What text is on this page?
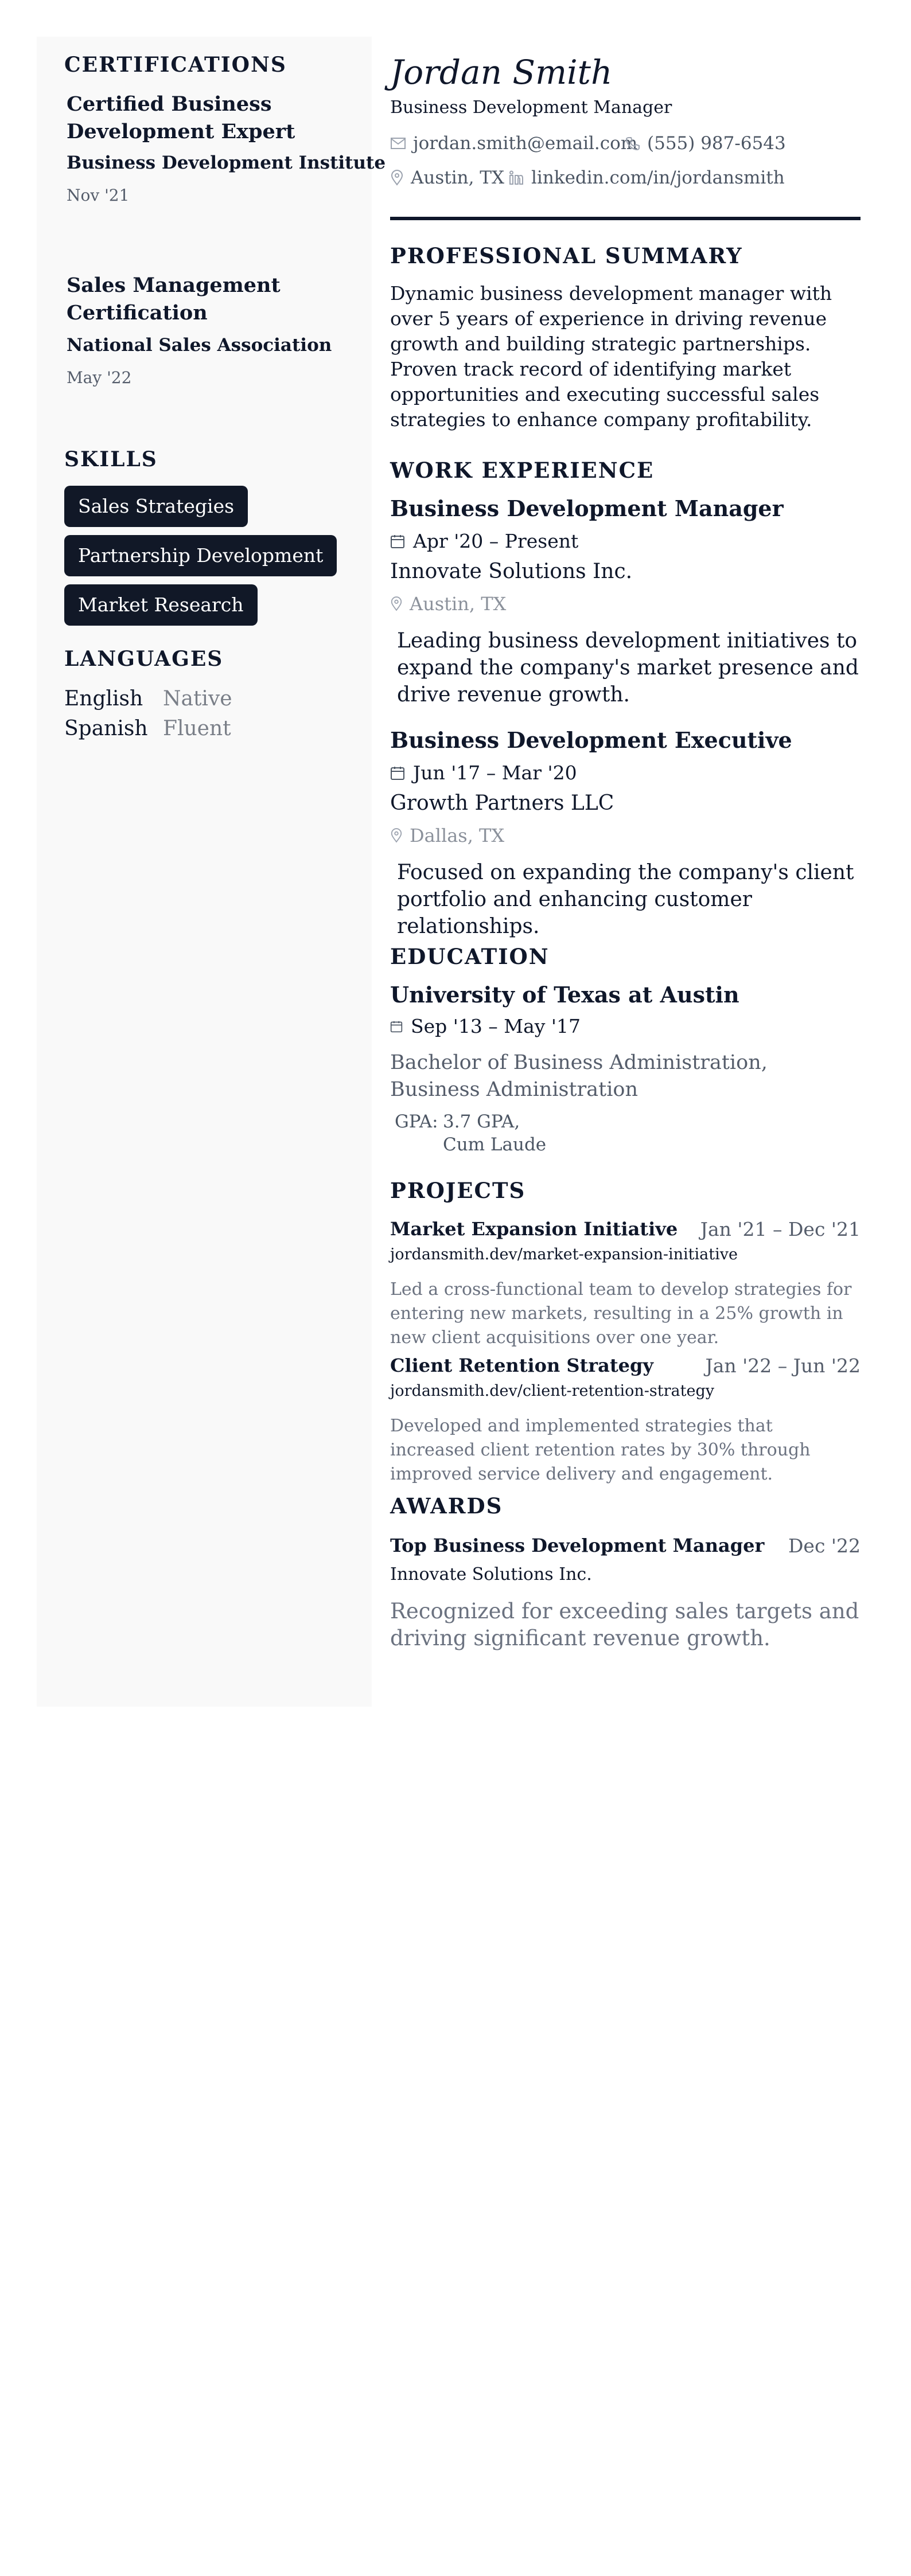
CERTIFICATIONS
Certified Business Development Expert
Business Development Institute
Nov '21
Sales Management Certification
National Sales Association
May '22
SKILLS
Sales Strategies
Partnership Development
Market Research
LANGUAGES
English Native
Spanish Fluent
Jordan Smith
Business Development Manager
jordan.smith@email.com (555) 987-6543
Austin, TX linkedin.com/in/jordansmith
PROFESSIONAL SUMMARY
Dynamic business development manager with over 5 years of experience in driving revenue growth and building strategic partnerships. Proven track record of identifying market opportunities and executing successful sales strategies to enhance company profitability.
WORK EXPERIENCE
Business Development Manager
Apr '20 – Present
Innovate Solutions Inc.
Austin, TX
Leading business development initiatives to expand the company's market presence and drive revenue growth.
Business Development Executive
Jun '17 – Mar '20
Growth Partners LLC
Dallas, TX
Focused on expanding the company's client portfolio and enhancing customer relationships.
EDUCATION
University of Texas at Austin
Sep '13 – May '17
Bachelor of Business Administration, Business Administration
GPA: 3.7 GPA, Cum Laude
PROJECTS
Market Expansion Initiative Jan '21 – Dec '21
jordansmith.dev/market-expansion-initiative
Led a cross-functional team to develop strategies for entering new markets, resulting in a 25% growth in new client acquisitions over one year.
Client Retention Strategy	Jan '22 – Jun '22
jordansmith.dev/client-retention-strategy
Developed and implemented strategies that increased client retention rates by 30% through improved service delivery and engagement.
AWARDS
Top Business Development Manager Dec '22
Innovate Solutions Inc.
Recognized for exceeding sales targets and driving significant revenue growth.
